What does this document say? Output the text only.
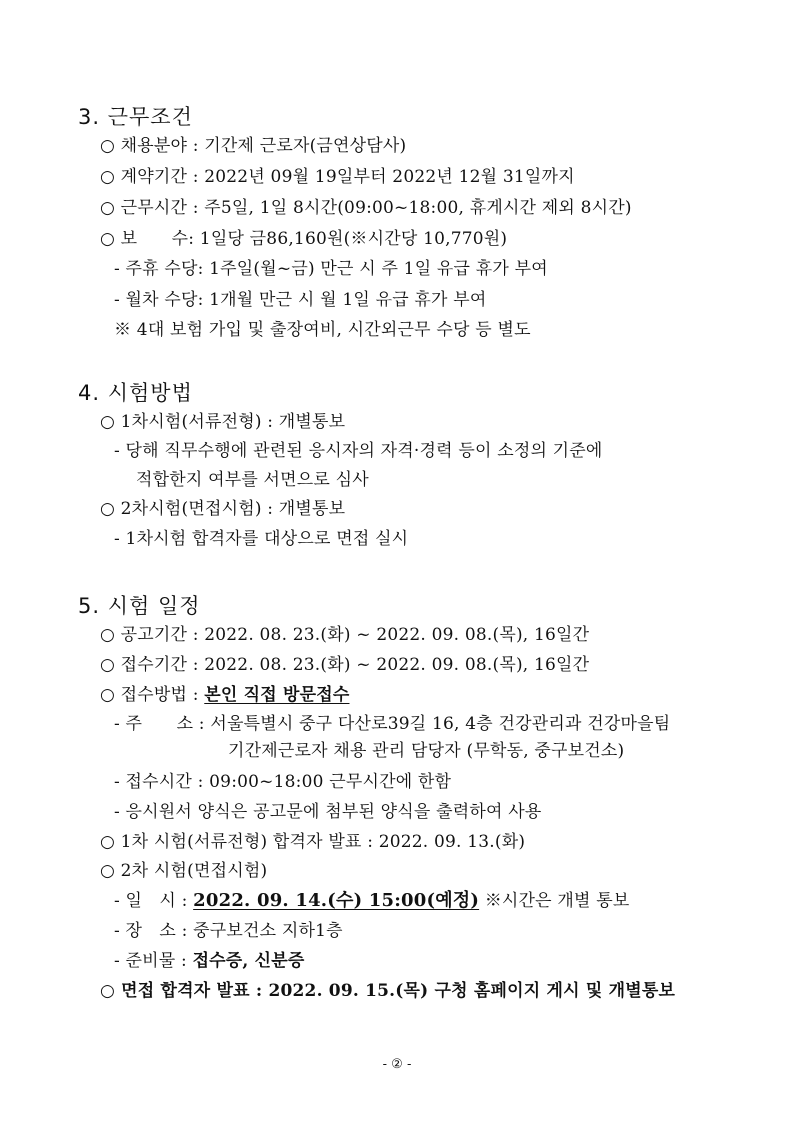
3. 근무조건
○ 채용분야 : 기간제 근로자(금연상담사)
○ 계약기간 : 2022년 09월 19일부터 2022년 12월 31일까지
○ 근무시간 : 주5일, 1일 8시간(09:00~18:00, 휴게시간 제외 8시간)
○ 보　　수: 1일당 금86,160원(※시간당 10,770원)
- 주휴 수당: 1주일(월~금) 만근 시 주 1일 유급 휴가 부여
- 월차 수당: 1개월 만근 시 월 1일 유급 휴가 부여
※ 4대 보험 가입 및 출장여비, 시간외근무 수당 등 별도
4. 시험방법
○ 1차시험(서류전형) : 개별통보
- 당해 직무수행에 관련된 응시자의 자격·경력 등이 소정의 기준에
적합한지 여부를 서면으로 심사
○ 2차시험(면접시험) : 개별통보
- 1차시험 합격자를 대상으로 면접 실시
5. 시험 일정
○ 공고기간 : 2022. 08. 23.(화) ~ 2022. 09. 08.(목), 16일간
○ 접수기간 : 2022. 08. 23.(화) ~ 2022. 09. 08.(목), 16일간
○ 접수방법 : 본인 직접 방문접수
- 주　　소 : 서울특별시 중구 다산로39길 16, 4층 건강관리과 건강마을팀
기간제근로자 채용 관리 담당자 (무학동, 중구보건소)
- 접수시간 : 09:00~18:00 근무시간에 한함
- 응시원서 양식은 공고문에 첨부된 양식을 출력하여 사용
○ 1차 시험(서류전형) 합격자 발표 : 2022. 09. 13.(화)
○ 2차 시험(면접시험)
- 일　시 : 2022. 09. 14.(수) 15:00(예정) ※시간은 개별 통보
- 장　소 : 중구보건소 지하1층
- 준비물 : 접수증, 신분증
○ 면접 합격자 발표 : 2022. 09. 15.(목) 구청 홈페이지 게시 및 개별통보
- ② -
